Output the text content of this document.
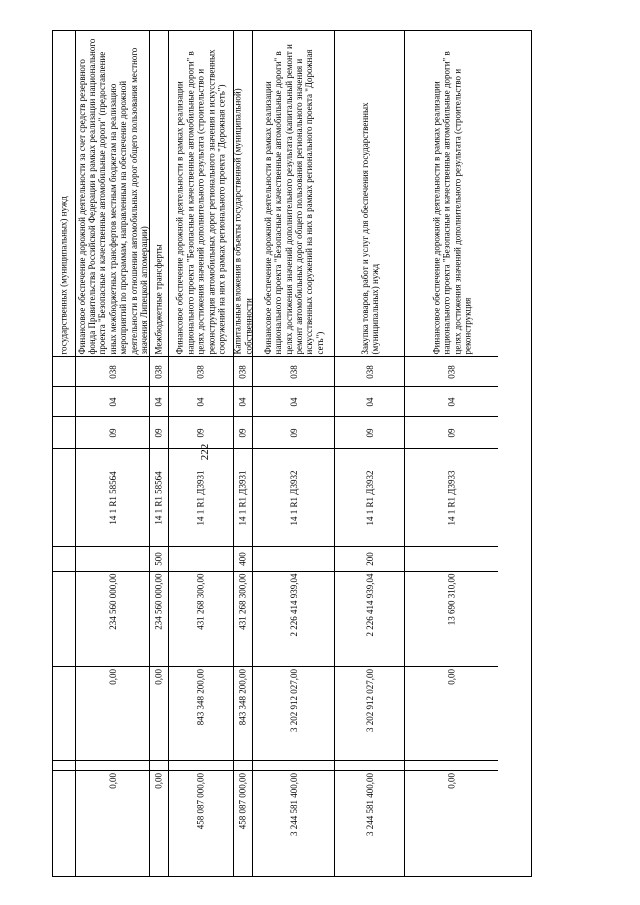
222
государственных (муниципальных) нужд Финансовое обеспечение дорожной деятельности за счет средств резервного фонда Правительства Российской Федерации в рамках реализации национального проекта "Безопасные и качественные автомобильные дороги" (предоставление иных межбюджетных трансфертов местным бюджетам на реализацию мероприятий по программам, направленным на обеспечение дорожной деятельности в отношении автомобильных дорог общего пользования местного значения Липецкой агломерации)
038
04
09
14 1 R1 58564
234 560 000,00
0,00
0,00
Межбюджетные трансферты
038
04
09
14 1 R1 58564
500
234 560 000,00
0,00
0,00
Финансовое обеспечение дорожной деятельности в рамках реализации национального проекта "Безопасные и качественные автомобильные дороги" в целях достижения значений дополнительного результата (строительство и реконструкция автомобильных дорог регионального значения и искусственных сооружений на них в рамках регионального проекта "Дорожная сеть")
038
04
09
14 1 R1 Д3931
431 268 300,00
843 348 200,00
458 087 000,00
Капитальные вложения в объекты государственной (муниципальной) собственности
038
04
09
14 1 R1 Д3931
400
431 268 300,00
843 348 200,00
458 087 000,00
Финансовое обеспечение дорожной деятельности в рамках реализации национального проекта "Безопасные и качественные автомобильные дороги" в целях достижения значений дополнительного результата (капитальный ремонт и ремонт автомобильных дорог общего пользования регионального значения и искусственных сооружений на них в рамках регионального проекта "Дорожная сеть")
038
04
09
14 1 R1 Д3932
2 226 414 939,04
3 202 912 027,00
3 244 581 400,00
Закупка товаров, работ и услуг для обеспечения государственных (муниципальных) нужд
038
04
09
14 1 R1 Д3932
200
2 226 414 939,04
3 202 912 027,00
3 244 581 400,00
Финансовое обеспечение дорожной деятельности в рамках реализации национального проекта "Безопасные и качественные автомобильные дороги" в целях достижения значений дополнительного результата (строительство и реконструкция
038
04
09
14 1 R1 Д3933
13 690 310,00
0,00
0,00
